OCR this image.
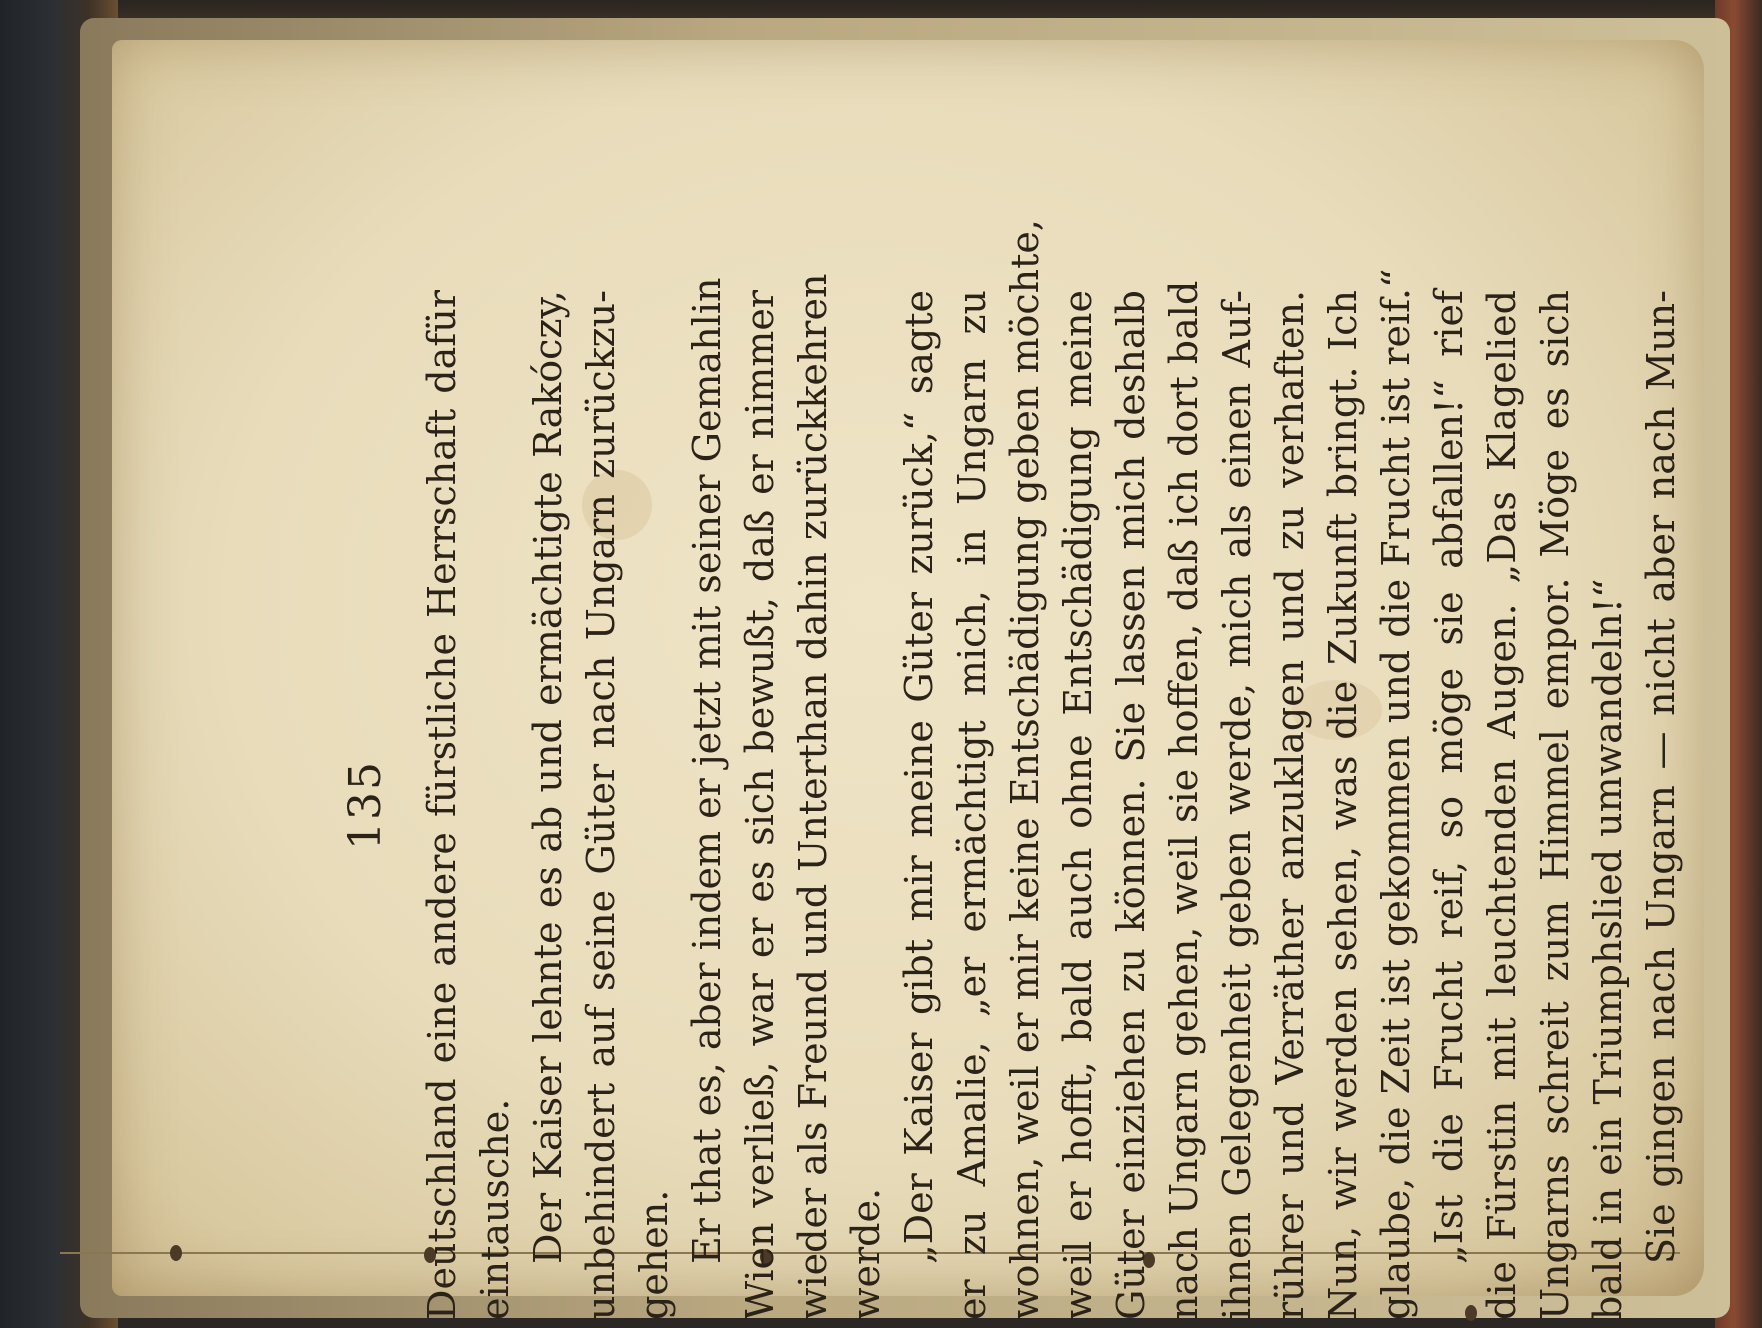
135 Deutschland eine andere fürstliche Herrschaft dafür eintausche. Der Kaiser lehnte es ab und ermächtigte Rakóczy, unbehindert auf seine Güter nach Ungarn zurückzu- gehen. Er that es, aber indem er jetzt mit seiner Gemahlin Wien verließ, war er es sich bewußt, daß er nimmer wieder als Freund und Unterthan dahin zurückkehren werde. „Der Kaiser gibt mir meine Güter zurück,“ sagte er zu Amalie, „er ermächtigt mich, in Ungarn zu wohnen, weil er mir keine Entschädigung geben möchte, weil er hofft, bald auch ohne Entschädigung meine Güter einziehen zu können. Sie lassen mich deshalb nach Ungarn gehen, weil sie hoffen, daß ich dort bald ihnen Gelegenheit geben werde, mich als einen Auf- rührer und Verräther anzuklagen und zu verhaften. Nun, wir werden sehen, was die Zukunft bringt. Ich glaube, die Zeit ist gekommen und die Frucht ist reif.“ „Ist die Frucht reif, so möge sie abfallen!“ rief die Fürstin mit leuchtenden Augen. „Das Klagelied Ungarns schreit zum Himmel empor. Möge es sich bald in ein Triumphslied umwandeln!“ Sie gingen nach Ungarn — nicht aber nach Mun-
